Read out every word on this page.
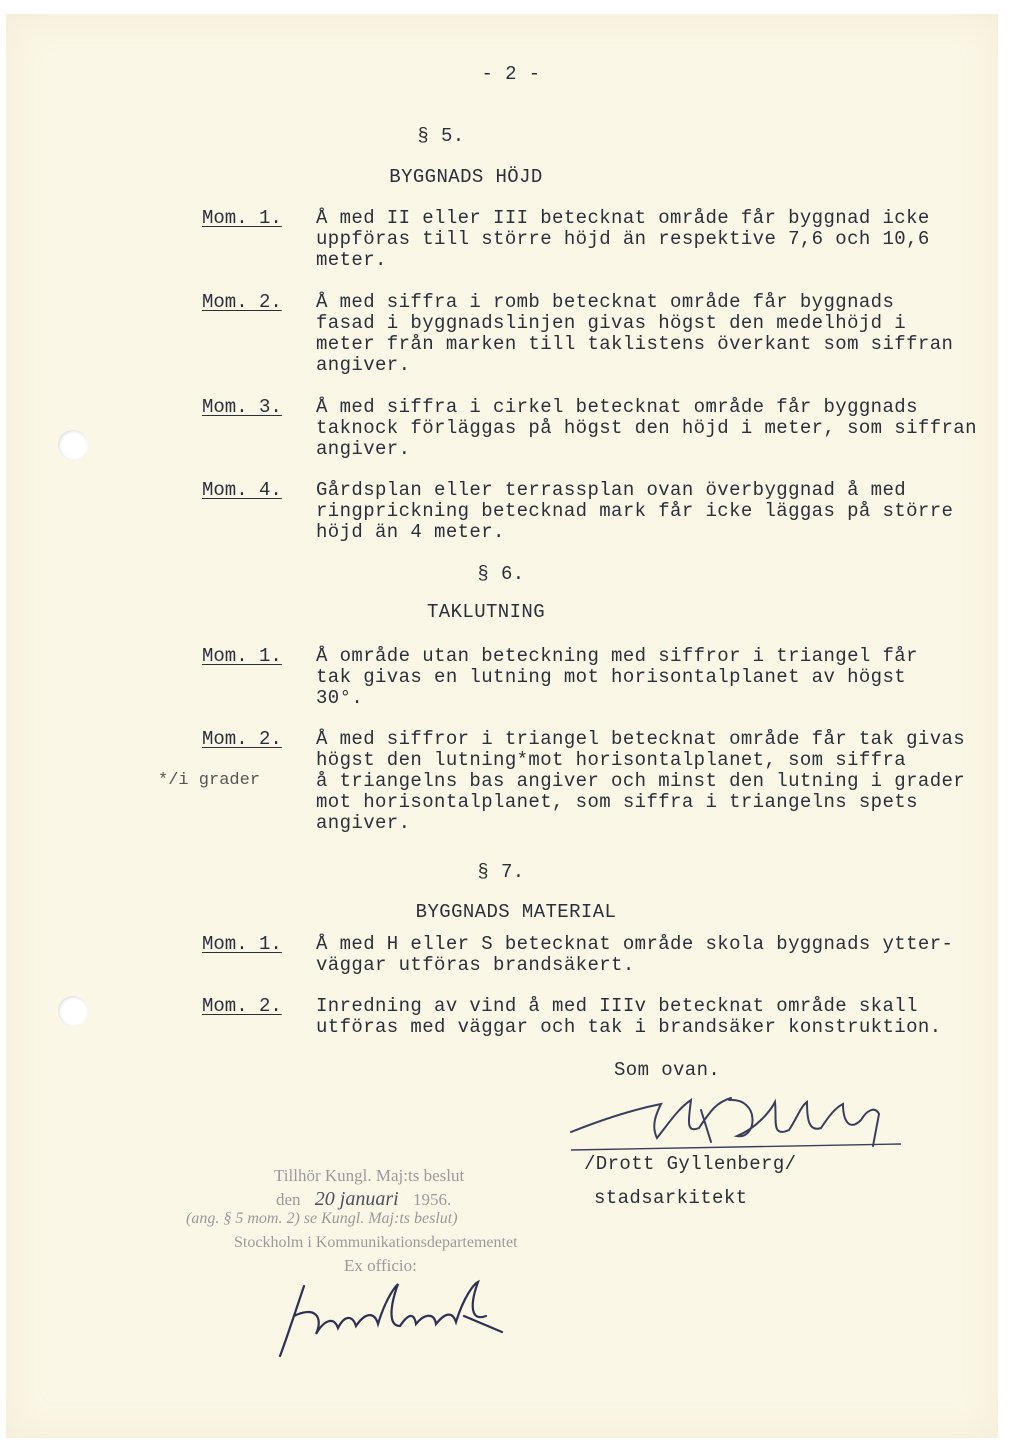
- 2 -
§ 5.
BYGGNADS HÖJD
Mom. 1. Å med II eller III betecknat område får byggnad icke
uppföras till större höjd än respektive 7,6 och 10,6
meter.
Mom. 2. Å med siffra i romb betecknat område får byggnads
fasad i byggnadslinjen givas högst den medelhöjd i
meter från marken till taklistens överkant som siffran
angiver.
Mom. 3. Å med siffra i cirkel betecknat område får byggnads
taknock förläggas på högst den höjd i meter, som siffran
angiver.
Mom. 4. Gårdsplan eller terrassplan ovan överbyggnad å med
ringprickning betecknad mark får icke läggas på större
höjd än 4 meter.
§ 6.
TAKLUTNING
Mom. 1. Å område utan beteckning med siffror i triangel får
tak givas en lutning mot horisontalplanet av högst
30°.
Mom. 2. Å med siffror i triangel betecknat område får tak givas
högst den lutning*mot horisontalplanet, som siffra
å triangelns bas angiver och minst den lutning i grader
mot horisontalplanet, som siffra i triangelns spets
angiver.
*/i grader
§ 7.
BYGGNADS MATERIAL
Mom. 1. Å med H eller S betecknat område skola byggnads ytter-
väggar utföras brandsäkert.
Mom. 2. Inredning av vind å med IIIv betecknat område skall
utföras med väggar och tak i brandsäker konstruktion.
Som ovan.
/Drott Gyllenberg/
stadsarkitekt
Tillhör Kungl. Maj:ts beslut
den 20 januari 1956.
(ang. § 5 mom. 2) se Kungl. Maj:ts beslut)
Stockholm i Kommunikationsdepartementet
Ex officio:
